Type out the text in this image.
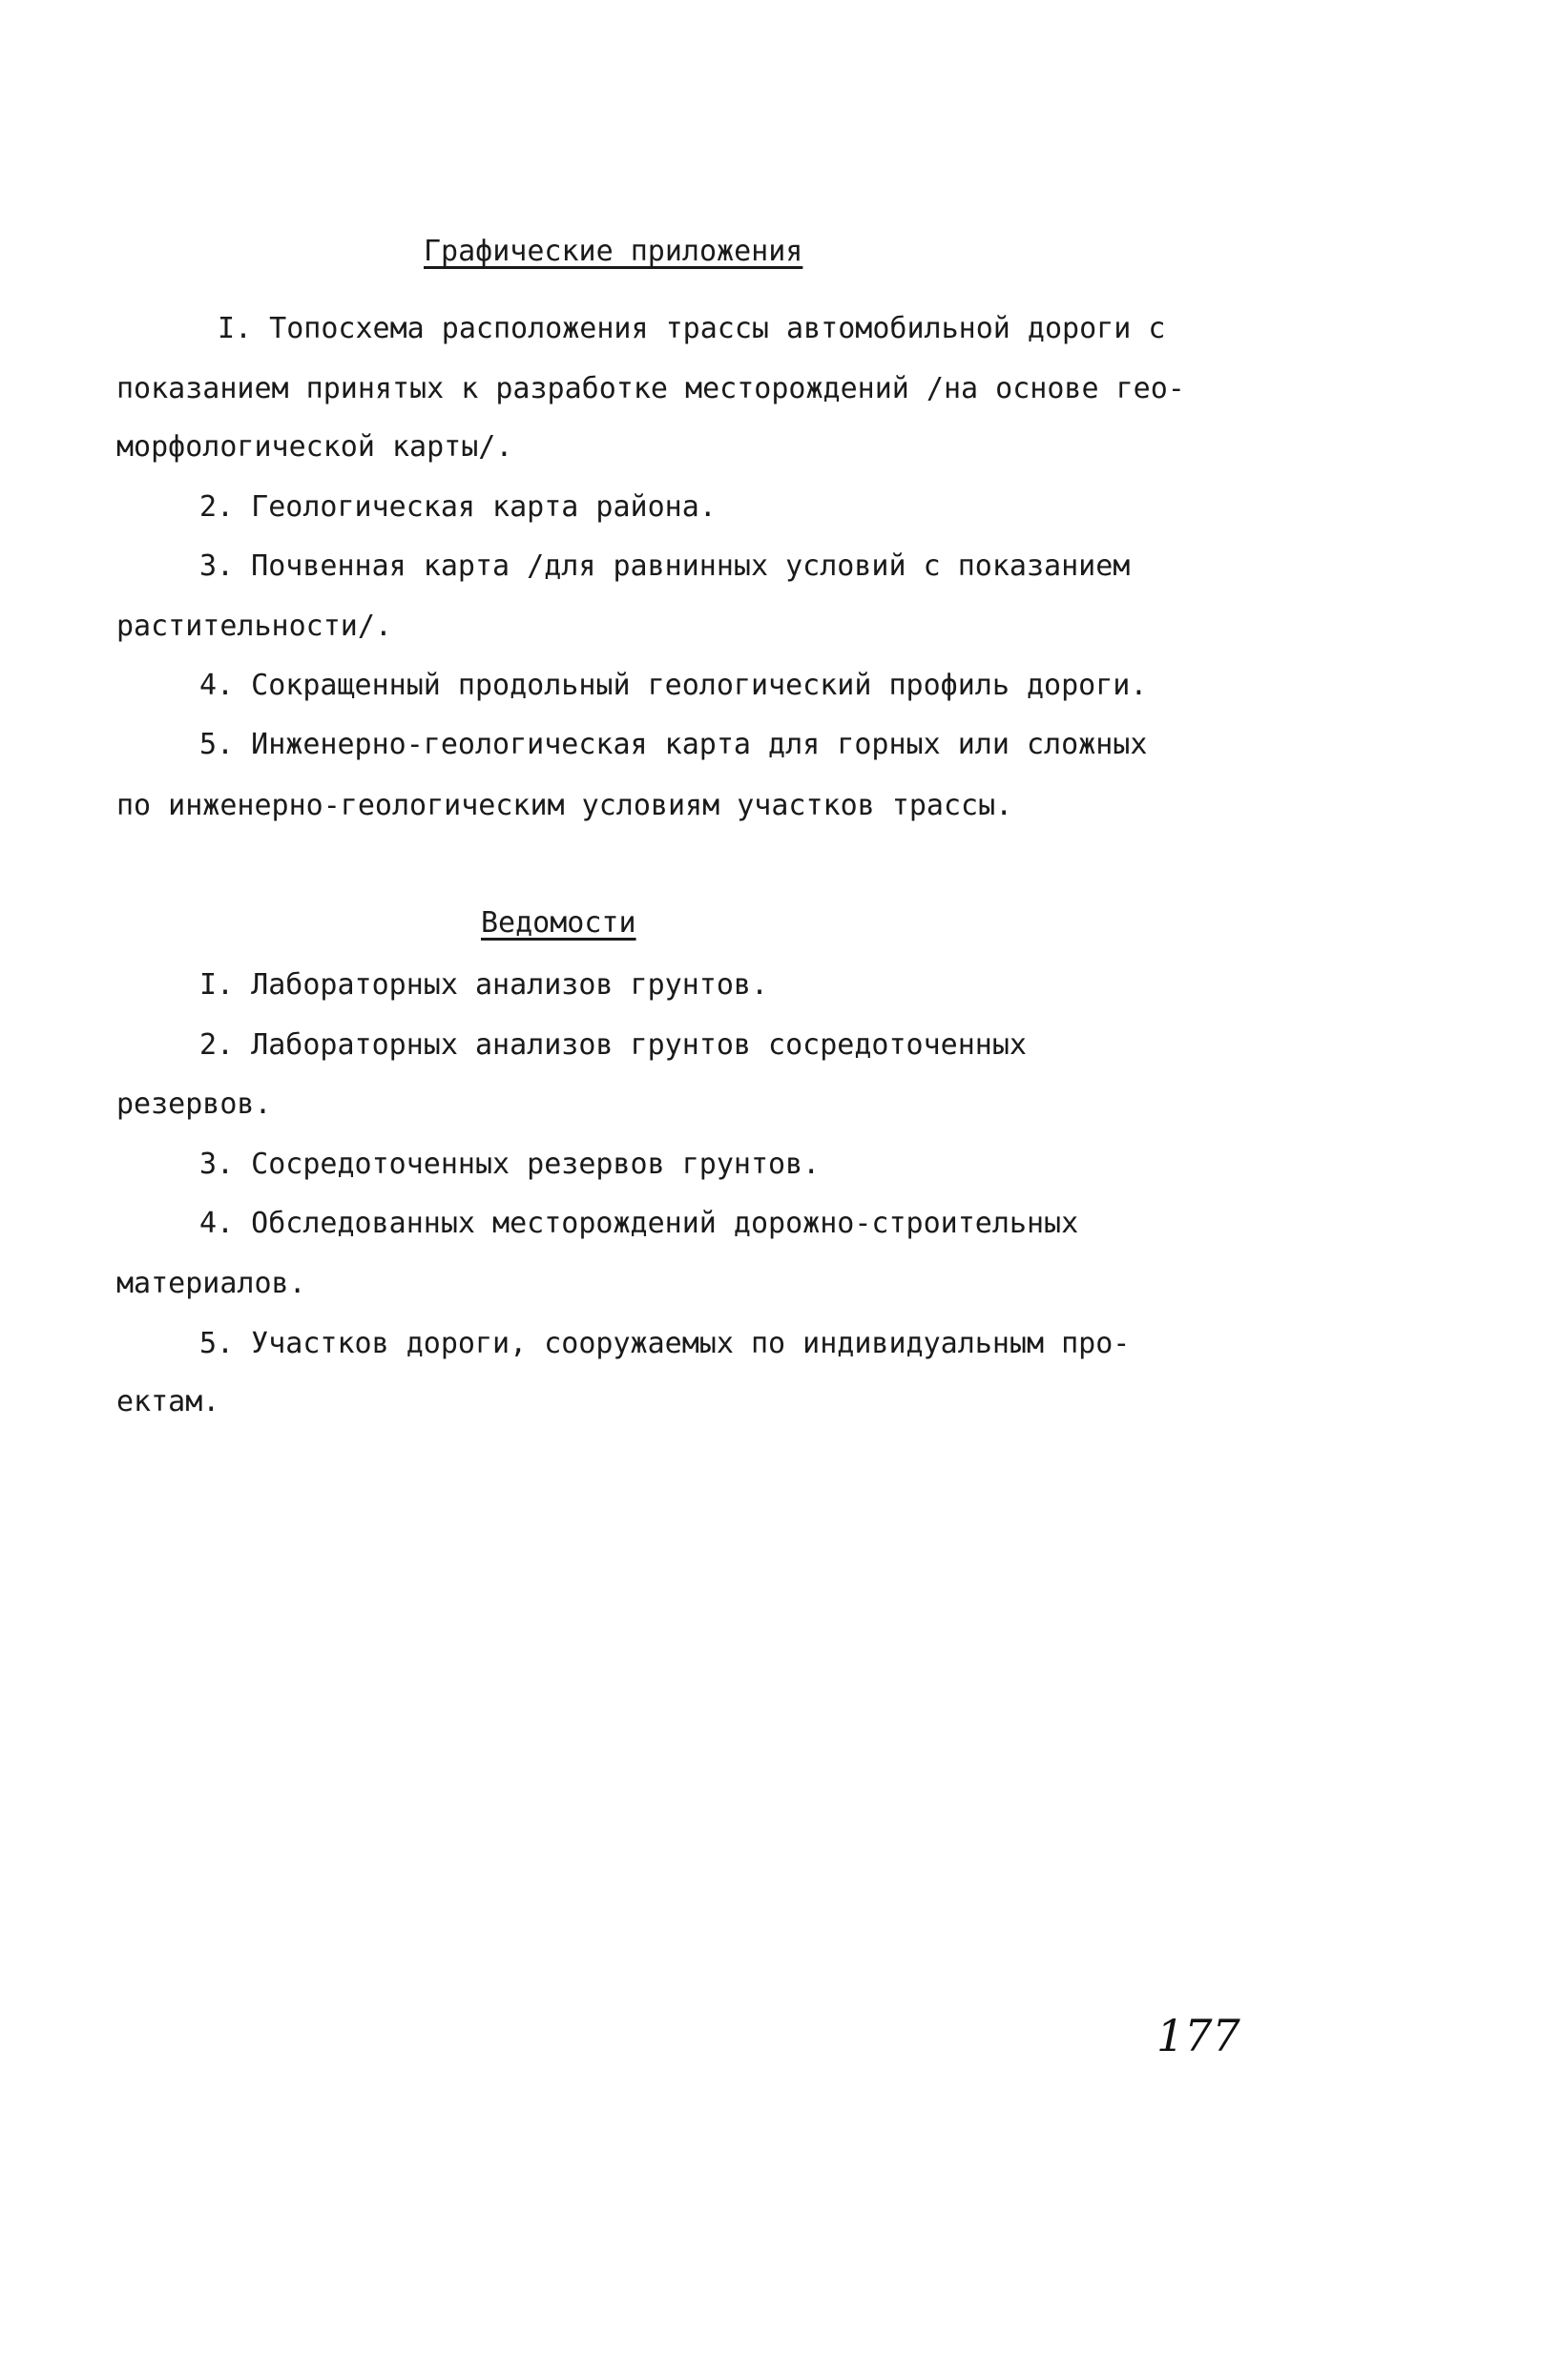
Графические приложения
I. Топосхема расположения трассы автомобильной дороги с
показанием принятых к разработке месторождений /на основе гео-
морфологической карты/.
2. Геологическая карта района.
3. Почвенная карта /для равнинных условий с показанием
растительности/.
4. Сокращенный продольный геологический профиль дороги.
5. Инженерно-геологическая карта для горных или сложных
по инженерно-геологическим условиям участков трассы.
Ведомости
I. Лабораторных анализов грунтов.
2. Лабораторных анализов грунтов сосредоточенных
резервов.
3. Сосредоточенных резервов грунтов.
4. Обследованных месторождений дорожно-строительных
материалов.
5. Участков дороги, сооружаемых по индивидуальным про-
ектам.
177
